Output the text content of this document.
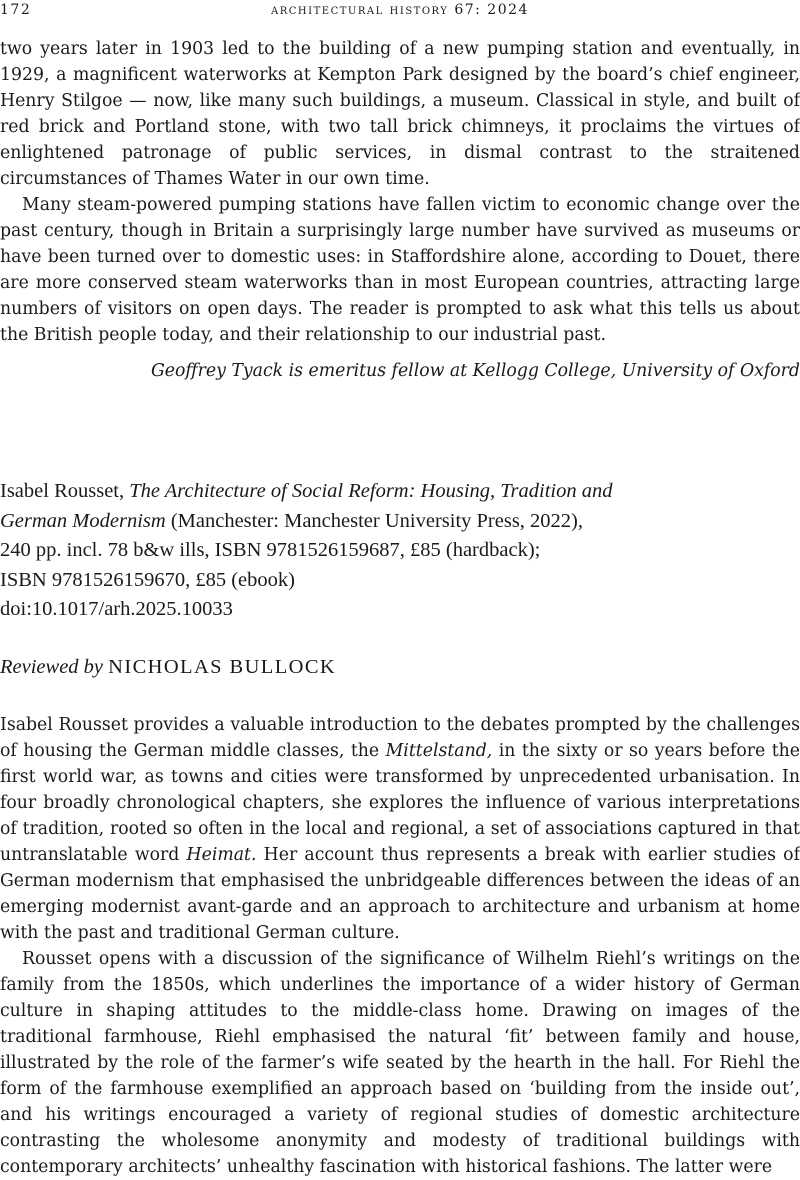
172	architectural history 67: 2024

two years later in 1903 led to the building of a new pumping station and eventually, in 1929, a magnificent waterworks at Kempton Park designed by the board’s chief engineer, Henry Stilgoe — now, like many such buildings, a museum. Classical in style, and built of red brick and Portland stone, with two tall brick chimneys, it proclaims the virtues of enlightened patronage of public services, in dismal contrast to the straitened circumstances of Thames Water in our own time.

Many steam-powered pumping stations have fallen victim to economic change over the past century, though in Britain a surprisingly large number have survived as museums or have been turned over to domestic uses: in Staffordshire alone, according to Douet, there are more conserved steam waterworks than in most European countries, attracting large numbers of visitors on open days. The reader is prompted to ask what this tells us about the British people today, and their relationship to our industrial past.

Geoffrey Tyack is emeritus fellow at Kellogg College, University of Oxford
Isabel Rousset, The Architecture of Social Reform: Housing, Tradition and
German Modernism (Manchester: Manchester University Press, 2022),
240 pp. incl. 78 b&w ills, ISBN 9781526159687, £85 (hardback);
ISBN 9781526159670, £85 (ebook)
doi:10.1017/arh.2025.10033
Reviewed by NICHOLAS BULLOCK

Isabel Rousset provides a valuable introduction to the debates prompted by the challenges of housing the German middle classes, the Mittelstand, in the sixty or so years before the first world war, as towns and cities were transformed by unprecedented urbanisation. In four broadly chronological chapters, she explores the influence of various interpretations of tradition, rooted so often in the local and regional, a set of associations captured in that untranslatable word Heimat. Her account thus represents a break with earlier studies of German modernism that emphasised the unbridgeable differences between the ideas of an emerging modernist avant-garde and an approach to architecture and urbanism at home with the past and traditional German culture.

Rousset opens with a discussion of the significance of Wilhelm Riehl’s writings on the family from the 1850s, which underlines the importance of a wider history of German culture in shaping attitudes to the middle-class home. Drawing on images of the traditional farmhouse, Riehl emphasised the natural ‘fit’ between family and house, illustrated by the role of the farmer’s wife seated by the hearth in the hall. For Riehl the form of the farmhouse exemplified an approach based on ‘building from the inside out’, and his writings encouraged a variety of regional studies of domestic architecture contrasting the wholesome anonymity and modesty of traditional buildings with contemporary architects’ unhealthy fascination with historical fashions. The latter were
